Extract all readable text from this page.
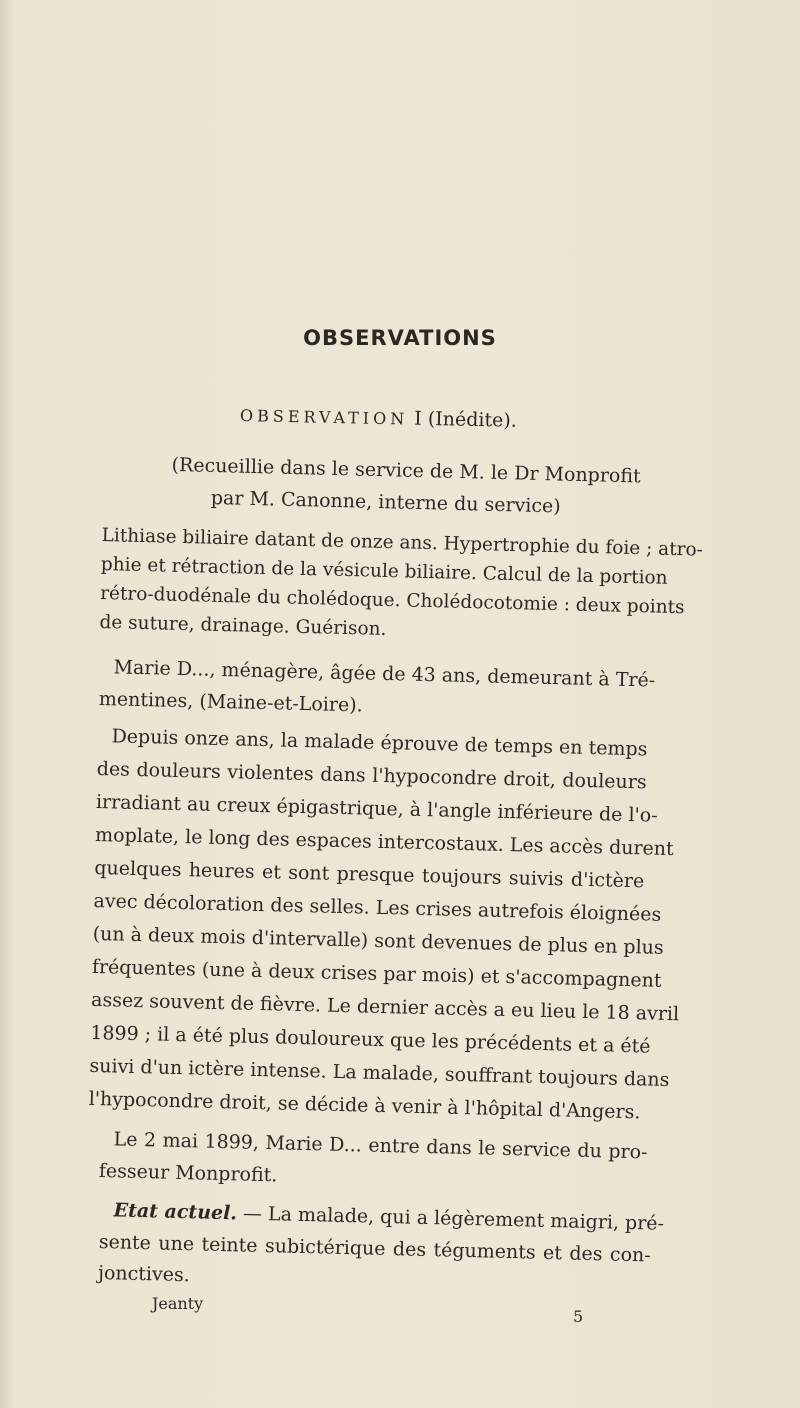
OBSERVATIONS
OBSERVATION I (Inédite).
(Recueillie dans le service de M. le Dr Monprofit
par M. Canonne, interne du service)
Lithiase biliaire datant de onze ans. Hypertrophie du foie ; atro-
phie et rétraction de la vésicule biliaire. Calcul de la portion
rétro-duodénale du cholédoque. Cholédocotomie : deux points
de suture, drainage. Guérison.
Marie D..., ménagère, âgée de 43 ans, demeurant à Tré-
mentines, (Maine-et-Loire).
Depuis onze ans, la malade éprouve de temps en temps
des douleurs violentes dans l'hypocondre droit, douleurs
irradiant au creux épigastrique, à l'angle inférieure de l'o-
moplate, le long des espaces intercostaux. Les accès durent
quelques heures et sont presque toujours suivis d'ictère
avec décoloration des selles. Les crises autrefois éloignées
(un à deux mois d'intervalle) sont devenues de plus en plus
fréquentes (une à deux crises par mois) et s'accompagnent
assez souvent de fièvre. Le dernier accès a eu lieu le 18 avril
1899 ; il a été plus douloureux que les précédents et a été
suivi d'un ictère intense. La malade, souffrant toujours dans
l'hypocondre droit, se décide à venir à l'hôpital d'Angers.
Le 2 mai 1899, Marie D... entre dans le service du pro-
fesseur Monprofit.
Etat actuel. — La malade, qui a légèrement maigri, pré-
sente une teinte subictérique des téguments et des con-
jonctives.
Jeanty
5
